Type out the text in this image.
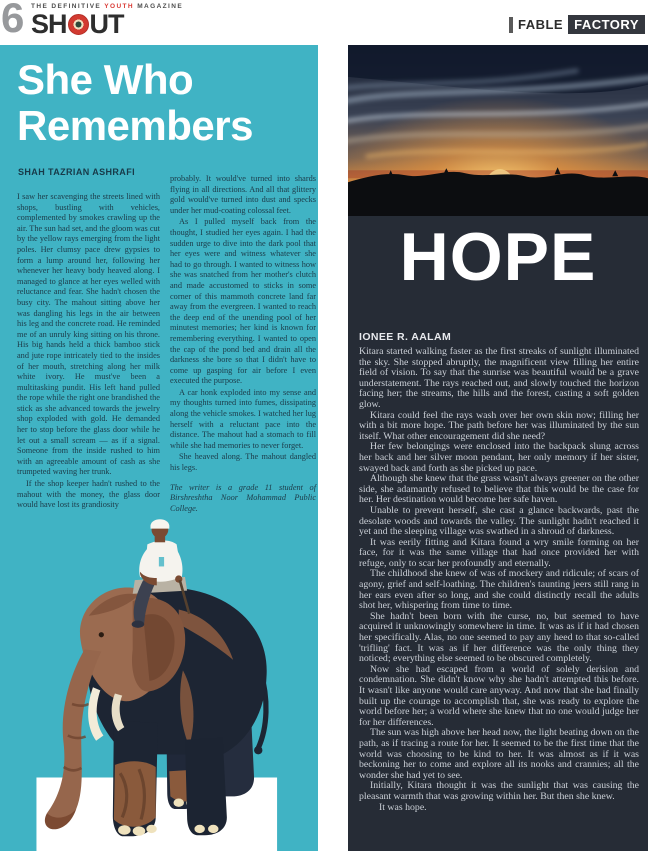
6 THE DEFINITIVE YOUTH MAGAZINE
SH UT	FABLE FACTORY
She Who
Remembers
SHAH TAZRIAN ASHRAFI

I saw her scavenging the streets lined with shops, bustling with vehicles, complemented by smokes crawling up the air. The sun had set, and the gloom was cut by the yellow rays emerging from the light poles. Her clumsy pace drew gypsies to form a lump around her, following her whenever her heavy body heaved along. I managed to glance at her eyes welled with reluctance and fear. She hadn't chosen the busy city. The mahout sitting above her was dangling his legs in the air between his leg and the concrete road. He reminded me of an unruly king sitting on his throne. His big hands held a thick bamboo stick and jute rope intricately tied to the insides of her mouth, stretching along her milk white ivory. He must've been a multitasking pundit. His left hand pulled the rope while the right one brandished the stick as she advanced towards the jewelry shop exploded with gold. He demanded her to stop before the glass door while he let out a small scream — as if a signal. Someone from the inside rushed to him with an agreeable amount of cash as she trumpeted waving her trunk.

If the shop keeper hadn't rushed to the mahout with the money, the glass door would have lost its grandiosity

probably. It would've turned into shards flying in all directions. And all that glittery gold would've turned into dust and specks under her mud-coating colossal feet.

As I pulled myself back from the thought, I studied her eyes again. I had the sudden urge to dive into the dark pool that her eyes were and witness whatever she had to go through. I wanted to witness how she was snatched from her mother's clutch and made accustomed to sticks in some corner of this mammoth concrete land far away from the evergreen. I wanted to reach the deep end of the unending pool of her minutest memories; her kind is known for remembering everything. I wanted to open the cap of the pond bed and drain all the darkness she bore so that I didn't have to come up gasping for air before I even executed the purpose.

A car honk exploded into my sense and my thoughts turned into fumes, dissipating along the vehicle smokes. I watched her lug herself with a reluctant pace into the distance. The mahout had a stomach to fill while she had memories to never forget.

She heaved along. The mahout dangled his legs.

The writer is a grade 11 student of Birshreshtha Noor Mohammad Public College.
HOPE
IONEE R. AALAM

Kitara started walking faster as the first streaks of sunlight illuminated the sky. She stopped abruptly, the magnificent view filling her entire field of vision. To say that the sunrise was beautiful would be a grave understatement. The rays reached out, and slowly touched the horizon facing her; the streams, the hills and the forest, casting a soft golden glow.

Kitara could feel the rays wash over her own skin now; filling her with a bit more hope. The path before her was illuminated by the sun itself. What other encouragement did she need?

Her few belongings were enclosed into the backpack slung across her back and her silver moon pendant, her only memory if her sister, swayed back and forth as she picked up pace.

Although she knew that the grass wasn't always greener on the other side, she adamantly refused to believe that this would be the case for her. Her destination would become her safe haven.

Unable to prevent herself, she cast a glance backwards, past the desolate woods and towards the valley. The sunlight hadn't reached it yet and the sleeping village was swathed in a shroud of darkness.

It was eerily fitting and Kitara found a wry smile forming on her face, for it was the same village that had once provided her with refuge, only to scar her profoundly and eternally.

The childhood she knew of was of mockery and ridicule; of scars of agony, grief and self-loathing. The children's taunting jeers still rang in her ears even after so long, and she could distinctly recall the adults shot her, whispering from time to time.

She hadn't been born with the curse, no, but seemed to have acquired it unknowingly somewhere in time. It was as if it had chosen her specifically. Alas, no one seemed to pay any heed to that so-called 'trifling' fact. It was as if her difference was the only thing they noticed; everything else seemed to be obscured completely.

Now she had escaped from a world of solely derision and condemnation. She didn't know why she hadn't attempted this before. It wasn't like anyone would care anyway. And now that she had finally built up the courage to accomplish that, she was ready to explore the world before her; a world where she knew that no one would judge her for her differences.

The sun was high above her head now, the light beating down on the path, as if tracing a route for her. It seemed to be the first time that the world was choosing to be kind to her. It was almost as if it was beckoning her to come and explore all its nooks and crannies; all the wonder she had yet to see.

Initially, Kitara thought it was the sunlight that was causing the pleasant warmth that was growing within her. But then she knew.

It was hope.
